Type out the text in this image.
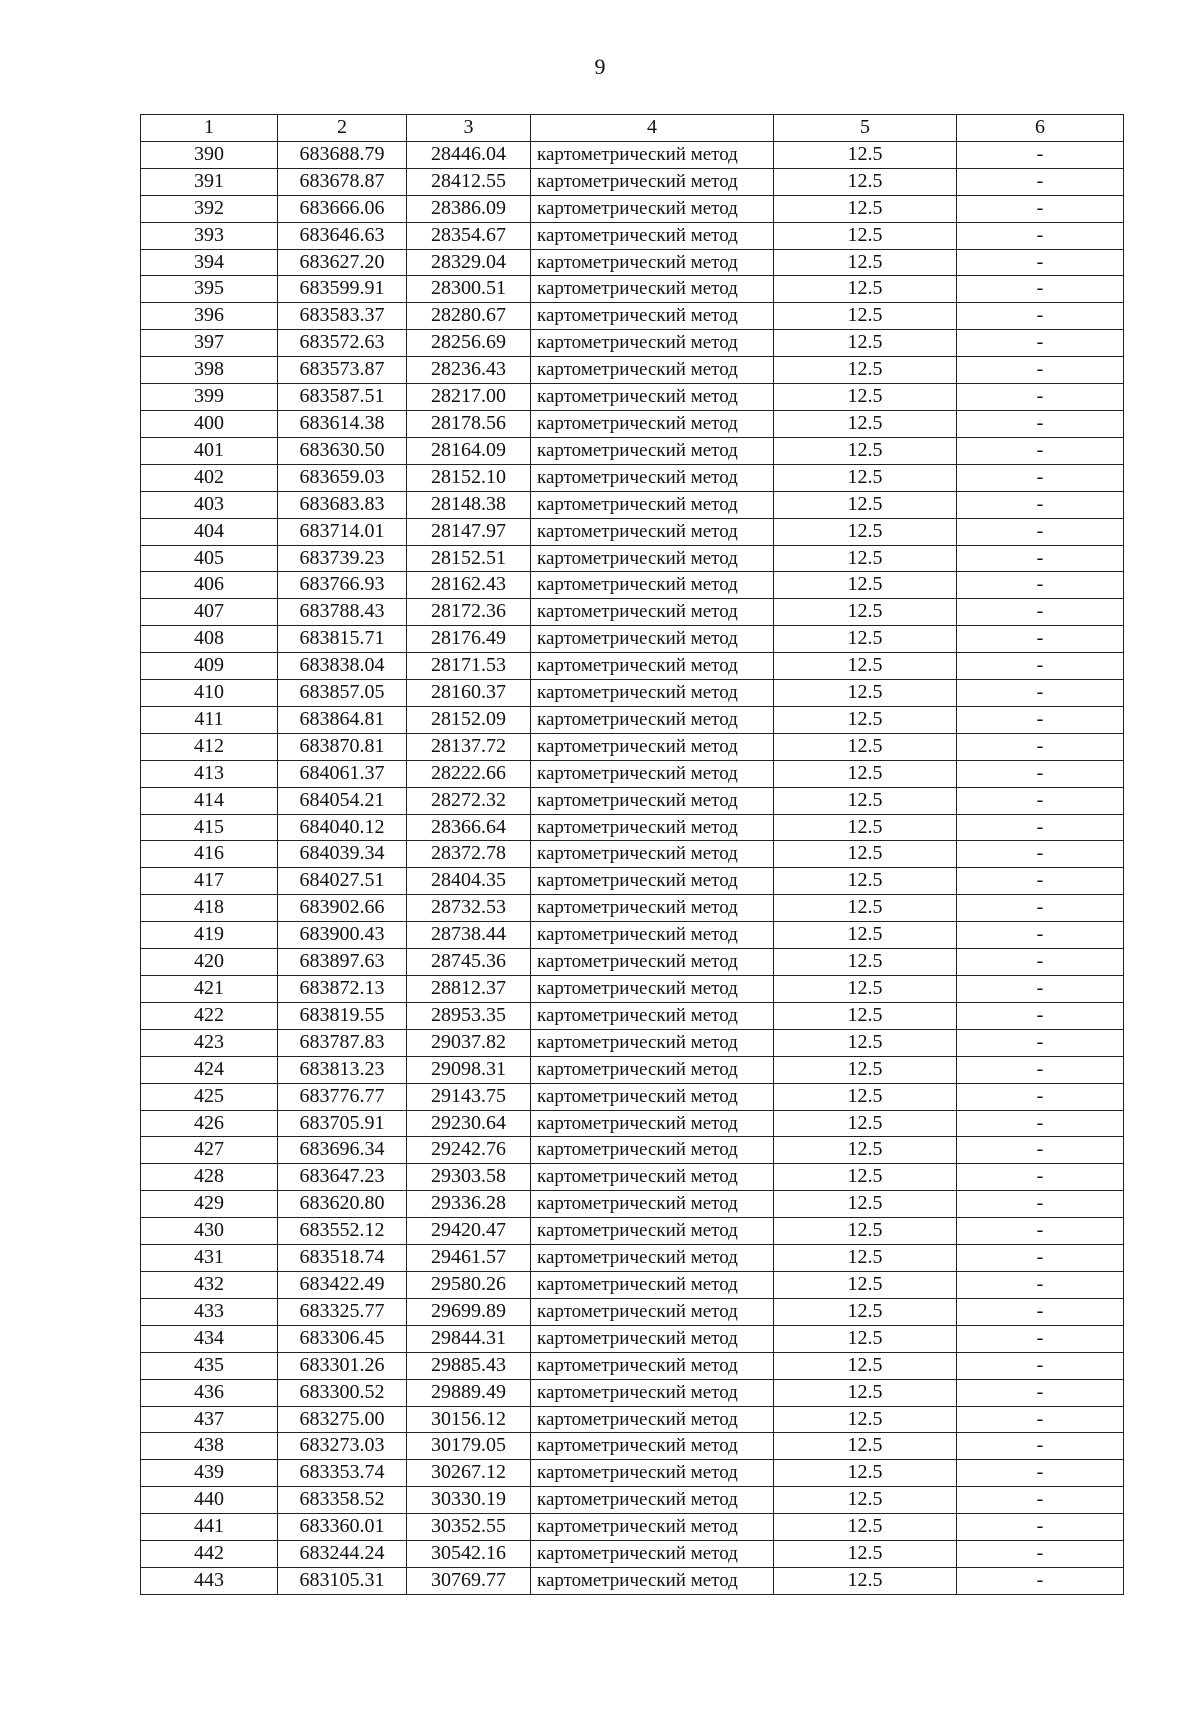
9
1	2	3	4	5	6
390	683688.79	28446.04	картометрический метод	12.5	-
391	683678.87	28412.55	картометрический метод	12.5	-
392	683666.06	28386.09	картометрический метод	12.5	-
393	683646.63	28354.67	картометрический метод	12.5	-
394	683627.20	28329.04	картометрический метод	12.5	-
395	683599.91	28300.51	картометрический метод	12.5	-
396	683583.37	28280.67	картометрический метод	12.5	-
397	683572.63	28256.69	картометрический метод	12.5	-
398	683573.87	28236.43	картометрический метод	12.5	-
399	683587.51	28217.00	картометрический метод	12.5	-
400	683614.38	28178.56	картометрический метод	12.5	-
401	683630.50	28164.09	картометрический метод	12.5	-
402	683659.03	28152.10	картометрический метод	12.5	-
403	683683.83	28148.38	картометрический метод	12.5	-
404	683714.01	28147.97	картометрический метод	12.5	-
405	683739.23	28152.51	картометрический метод	12.5	-
406	683766.93	28162.43	картометрический метод	12.5	-
407	683788.43	28172.36	картометрический метод	12.5	-
408	683815.71	28176.49	картометрический метод	12.5	-
409	683838.04	28171.53	картометрический метод	12.5	-
410	683857.05	28160.37	картометрический метод	12.5	-
411	683864.81	28152.09	картометрический метод	12.5	-
412	683870.81	28137.72	картометрический метод	12.5	-
413	684061.37	28222.66	картометрический метод	12.5	-
414	684054.21	28272.32	картометрический метод	12.5	-
415	684040.12	28366.64	картометрический метод	12.5	-
416	684039.34	28372.78	картометрический метод	12.5	-
417	684027.51	28404.35	картометрический метод	12.5	-
418	683902.66	28732.53	картометрический метод	12.5	-
419	683900.43	28738.44	картометрический метод	12.5	-
420	683897.63	28745.36	картометрический метод	12.5	-
421	683872.13	28812.37	картометрический метод	12.5	-
422	683819.55	28953.35	картометрический метод	12.5	-
423	683787.83	29037.82	картометрический метод	12.5	-
424	683813.23	29098.31	картометрический метод	12.5	-
425	683776.77	29143.75	картометрический метод	12.5	-
426	683705.91	29230.64	картометрический метод	12.5	-
427	683696.34	29242.76	картометрический метод	12.5	-
428	683647.23	29303.58	картометрический метод	12.5	-
429	683620.80	29336.28	картометрический метод	12.5	-
430	683552.12	29420.47	картометрический метод	12.5	-
431	683518.74	29461.57	картометрический метод	12.5	-
432	683422.49	29580.26	картометрический метод	12.5	-
433	683325.77	29699.89	картометрический метод	12.5	-
434	683306.45	29844.31	картометрический метод	12.5	-
435	683301.26	29885.43	картометрический метод	12.5	-
436	683300.52	29889.49	картометрический метод	12.5	-
437	683275.00	30156.12	картометрический метод	12.5	-
438	683273.03	30179.05	картометрический метод	12.5	-
439	683353.74	30267.12	картометрический метод	12.5	-
440	683358.52	30330.19	картометрический метод	12.5	-
441	683360.01	30352.55	картометрический метод	12.5	-
442	683244.24	30542.16	картометрический метод	12.5	-
443	683105.31	30769.77	картометрический метод	12.5	-
